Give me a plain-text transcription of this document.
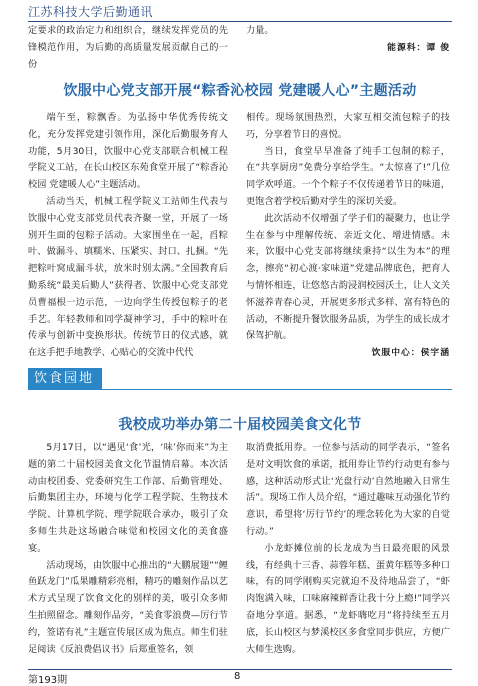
江苏科技大学后勤通讯

定要求的政治定力和组织合，继续发挥党员的先锋模范作用，为后勤的高质量发展贡献自己的一份

力量。

能源科：谭 俊
饮服中心党支部开展“粽香沁校园 党建暖人心”主题活动

端午至，粽飘香。为弘扬中华优秀传统文化，充分发挥党建引领作用，深化后勤服务育人功能，5月30日，饮服中心党支部联合机械工程学院义工站，在长山校区东苑食堂开展了“粽香沁校园 党建暖人心”主题活动。

活动当天，机械工程学院义工站师生代表与饮服中心党支部党员代表齐聚一堂，开展了一场别开生面的包粽子活动。大家围坐在一起，舀粽叶、做漏斗、填糯米、压紧实、封口、扎捆。“先把粽叶窝成漏斗状，放米时别太满。”全国教育后勤系统“最美后勤人”获得者、饮服中心党支部党员曹福根一边示范，一边向学生传授包粽子的老手艺。年轻教师和同学凝神学习，手中的粽叶在传承与创新中变换形状。传统节日的仪式感，就在这手把手地教学、心贴心的交流中代代

相传。现场氛围热烈，大家互相交流包粽子的技巧，分享着节日的喜悦。

当日，食堂早早准备了纯手工包制的粽子，在“共享厨房”免费分享给学生。“太惊喜了!”几位同学欢呼道。一个个粽子不仅传递着节日的味道，更饱含着学校后勤对学生的深切关爱。

此次活动不仅增强了学子们的凝聚力，也让学生在参与中理解传统、亲近文化、增进情感。未来，饮服中心党支部将继续秉持“以生为本”的理念，擦亮“初心渡·家味道”党建品牌底色，把育人与情怀相连，让悠悠古韵浸润校园沃土，让人文关怀滋养青春心灵，开展更多形式多样、富有特色的活动，不断提升餐饮服务品质，为学生的成长成才保驾护航。

饮服中心：侯宇涵
饮食园地
我校成功举办第二十届校园美食文化节

5月17日，以“遇见‘食’光，‘味’你而来”为主题的第二十届校园美食文化节温情启幕。本次活动由校团委、党委研究生工作部、后勤管理处、后勤集团主办，环境与化学工程学院、生物技术学院、计算机学院、理学院联合承办，吸引了众多师生共赴这场融合味觉和校园文化的美食盛宴。

活动现场，由饮服中心推出的“大鹏展翅”“鲤鱼跃龙门”瓜果雕精彩亮相，精巧的雕刻作品以艺术方式呈现了饮食文化的别样的美，吸引众多师生拍照留念。雕刻作品旁，“美食零浪费—厉行节约，签诺有礼”主题宣传展区成为焦点。师生们驻足阅读《反浪费倡议书》后郑重签名，领

取消费抵用券。一位参与活动的同学表示，“签名是对文明饮食的承诺，抵用券让节约行动更有参与感，这种活动形式让‘光盘行动’自然地融入日常生活”。现场工作人员介绍，“通过趣味互动强化节约意识，希望将‘厉行节约’的理念转化为大家的自觉行动。”

小龙虾摊位前的长龙成为当日最亮眼的风景线，有经典十三香、蒜蓉年糕、蛋黄年糕等多种口味，有的同学刚购买完就迫不及待地品尝了，“虾肉饱满入味，口味麻辣鲜香让我十分上瘾!”同学兴奋地分享道。据悉，“龙虾嗨吃月”将持续至五月底，长山校区与梦溪校区多食堂同步供应，方便广大师生选购。

第193期	8
